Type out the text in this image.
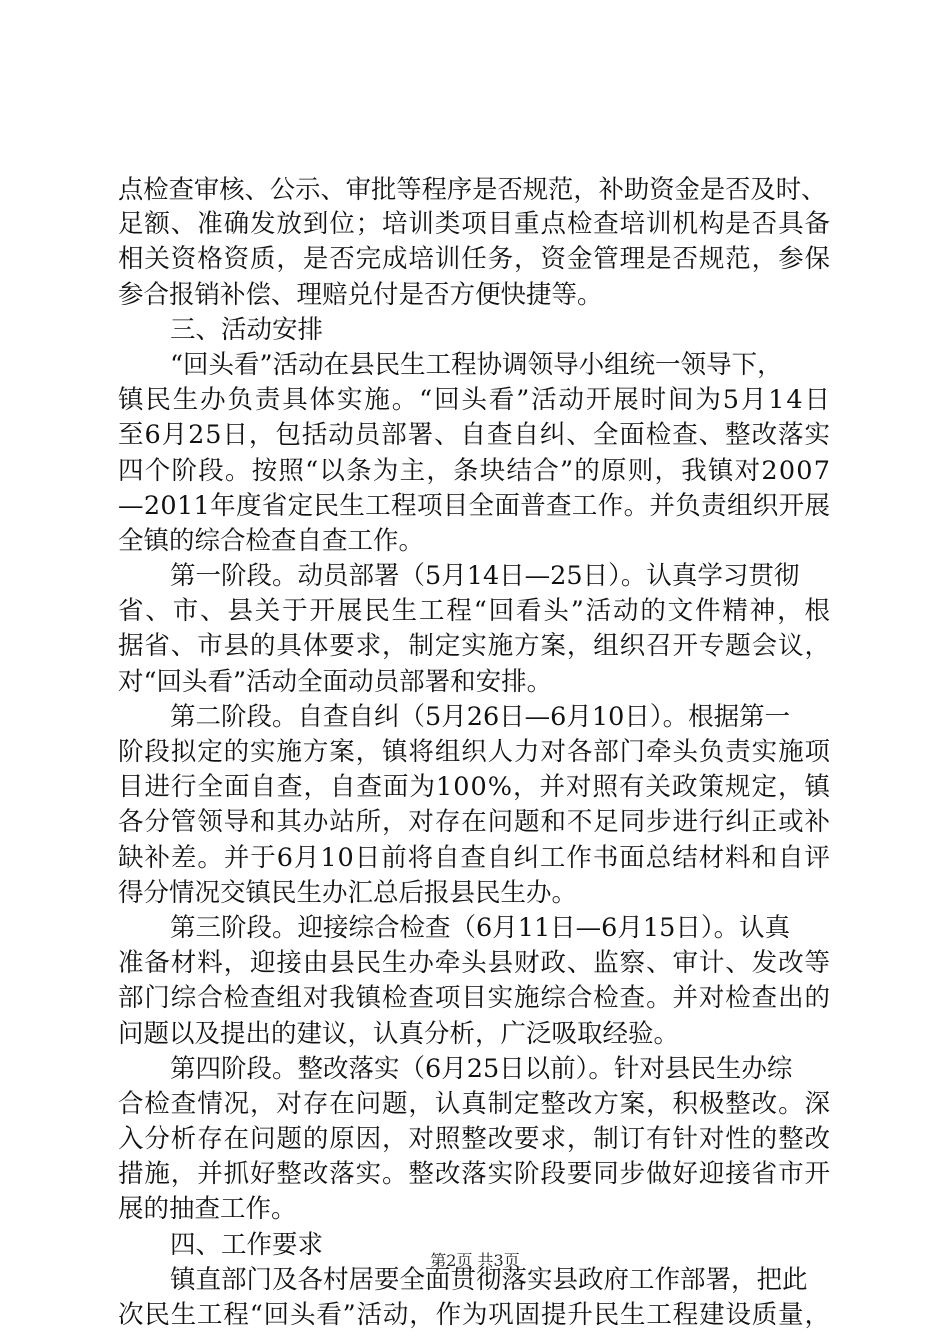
点检查审核、公示、审批等程序是否规范，补助资金是否及时、
足额、准确发放到位；培训类项目重点检查培训机构是否具备
相关资格资质，是否完成培训任务，资金管理是否规范，参保
参合报销补偿、理赔兑付是否方便快捷等。
三、活动安排
“回头看”活动在县民生工程协调领导小组统一领导下，
镇民生办负责具体实施。“回头看”活动开展时间为5月14日
至6月25日，包括动员部署、自查自纠、全面检查、整改落实
四个阶段。按照“以条为主，条块结合”的原则，我镇对2007
—2011年度省定民生工程项目全面普查工作。并负责组织开展
全镇的综合检查自查工作。
第一阶段。动员部署（5月14日—25日）。认真学习贯彻
省、市、县关于开展民生工程“回看头”活动的文件精神，根
据省、市县的具体要求，制定实施方案，组织召开专题会议，
对“回头看”活动全面动员部署和安排。
第二阶段。自查自纠（5月26日—6月10日）。根据第一
阶段拟定的实施方案，镇将组织人力对各部门牵头负责实施项
目进行全面自查，自查面为100%，并对照有关政策规定，镇
各分管领导和其办站所，对存在问题和不足同步进行纠正或补
缺补差。并于6月10日前将自查自纠工作书面总结材料和自评
得分情况交镇民生办汇总后报县民生办。
第三阶段。迎接综合检查（6月11日—6月15日）。认真
准备材料，迎接由县民生办牵头县财政、监察、审计、发改等
部门综合检查组对我镇检查项目实施综合检查。并对检查出的
问题以及提出的建议，认真分析，广泛吸取经验。
第四阶段。整改落实（6月25日以前）。针对县民生办综
合检查情况，对存在问题，认真制定整改方案，积极整改。深
入分析存在问题的原因，对照整改要求，制订有针对性的整改
措施，并抓好整改落实。整改落实阶段要同步做好迎接省市开
展的抽查工作。
四、工作要求
镇直部门及各村居要全面贯彻落实县政府工作部署，把此
次民生工程“回头看”活动，作为巩固提升民生工程建设质量，
第2页 共3页
